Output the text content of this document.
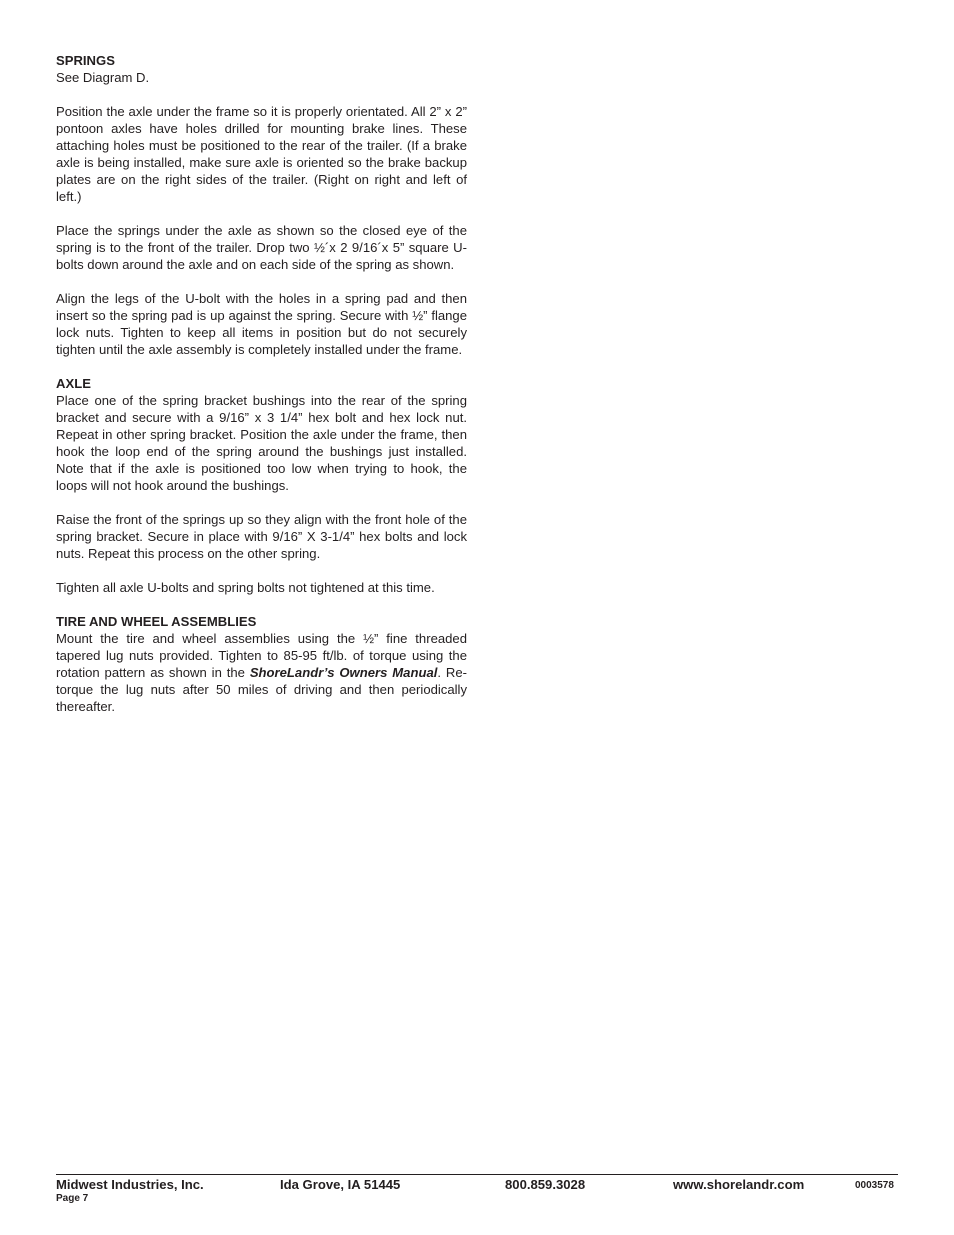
SPRINGS

See Diagram D.

Position the axle under the frame so it is properly orientated. All 2” x 2” pontoon axles have holes drilled for mounting brake lines. These attaching holes must be positioned to the rear of the trailer. (If a brake axle is being installed, make sure axle is oriented so the brake backup plates are on the right sides of the trailer. (Right on right and left of left.)

Place the springs under the axle as shown so the closed eye of the spring is to the front of the trailer. Drop two ½´x 2 9/16´x 5” square U-bolts down around the axle and on each side of the spring as shown.

Align the legs of the U-bolt with the holes in a spring pad and then insert so the spring pad is up against the spring. Secure with ½” flange lock nuts. Tighten to keep all items in position but do not securely tighten until the axle assembly is completely installed under the frame.

AXLE

Place one of the spring bracket bushings into the rear of the spring bracket and secure with a 9/16” x 3 1/4” hex bolt and hex lock nut. Repeat in other spring bracket. Position the axle under the frame, then hook the loop end of the spring around the bushings just installed. Note that if the axle is positioned too low when trying to hook, the loops will not hook around the bushings.

Raise the front of the springs up so they align with the front hole of the spring bracket. Secure in place with 9/16” X 3-1/4” hex bolts and lock nuts. Repeat this process on the other spring.

Tighten all axle U-bolts and spring bolts not tightened at this time.

TIRE AND WHEEL ASSEMBLIES

Mount the tire and wheel assemblies using the ½” fine threaded tapered lug nuts provided. Tighten to 85-95 ft/lb. of torque using the rotation pattern as shown in the ShoreLandr’s Owners Manual. Re-torque the lug nuts after 50 miles of driving and then periodically thereafter.

Midwest Industries, Inc.	Ida Grove, IA 51445	800.859.3028	www.shorelandr.com	0003578
Page 7
